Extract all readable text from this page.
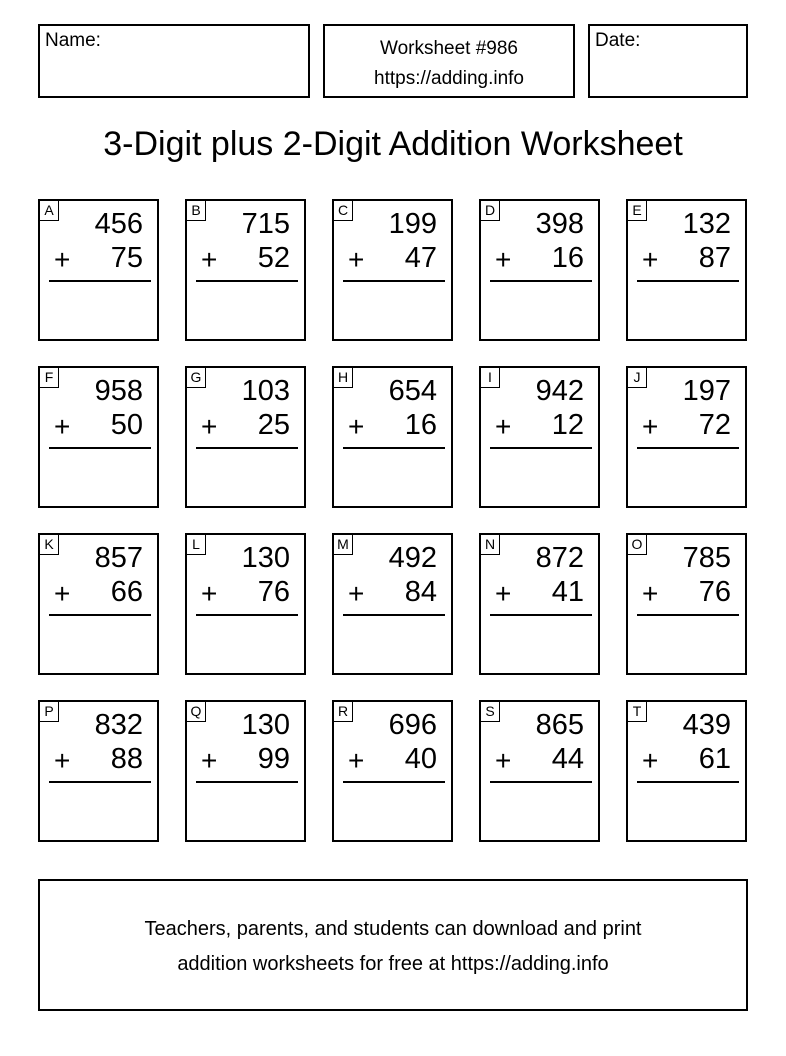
Name:	Worksheet #986
https://adding.info
Date:
3-Digit plus 2-Digit Addition Worksheet
A 456
+ 75
B 715
+ 52
C 199
+ 47
D 398
+ 16
E 132
+ 87
F 958
+ 50
G 103
+ 25
H 654
+ 16
I 942
+ 12
J 197
+ 72
K 857
+ 66
L 130
+ 76
M 492
+ 84
N 872
+ 41
O 785
+ 76
P 832
+ 88
Q 130
+ 99
R 696
+ 40
S 865
+ 44
T 439
+ 61
Teachers, parents, and students can download and print
addition worksheets for free at https://adding.info
